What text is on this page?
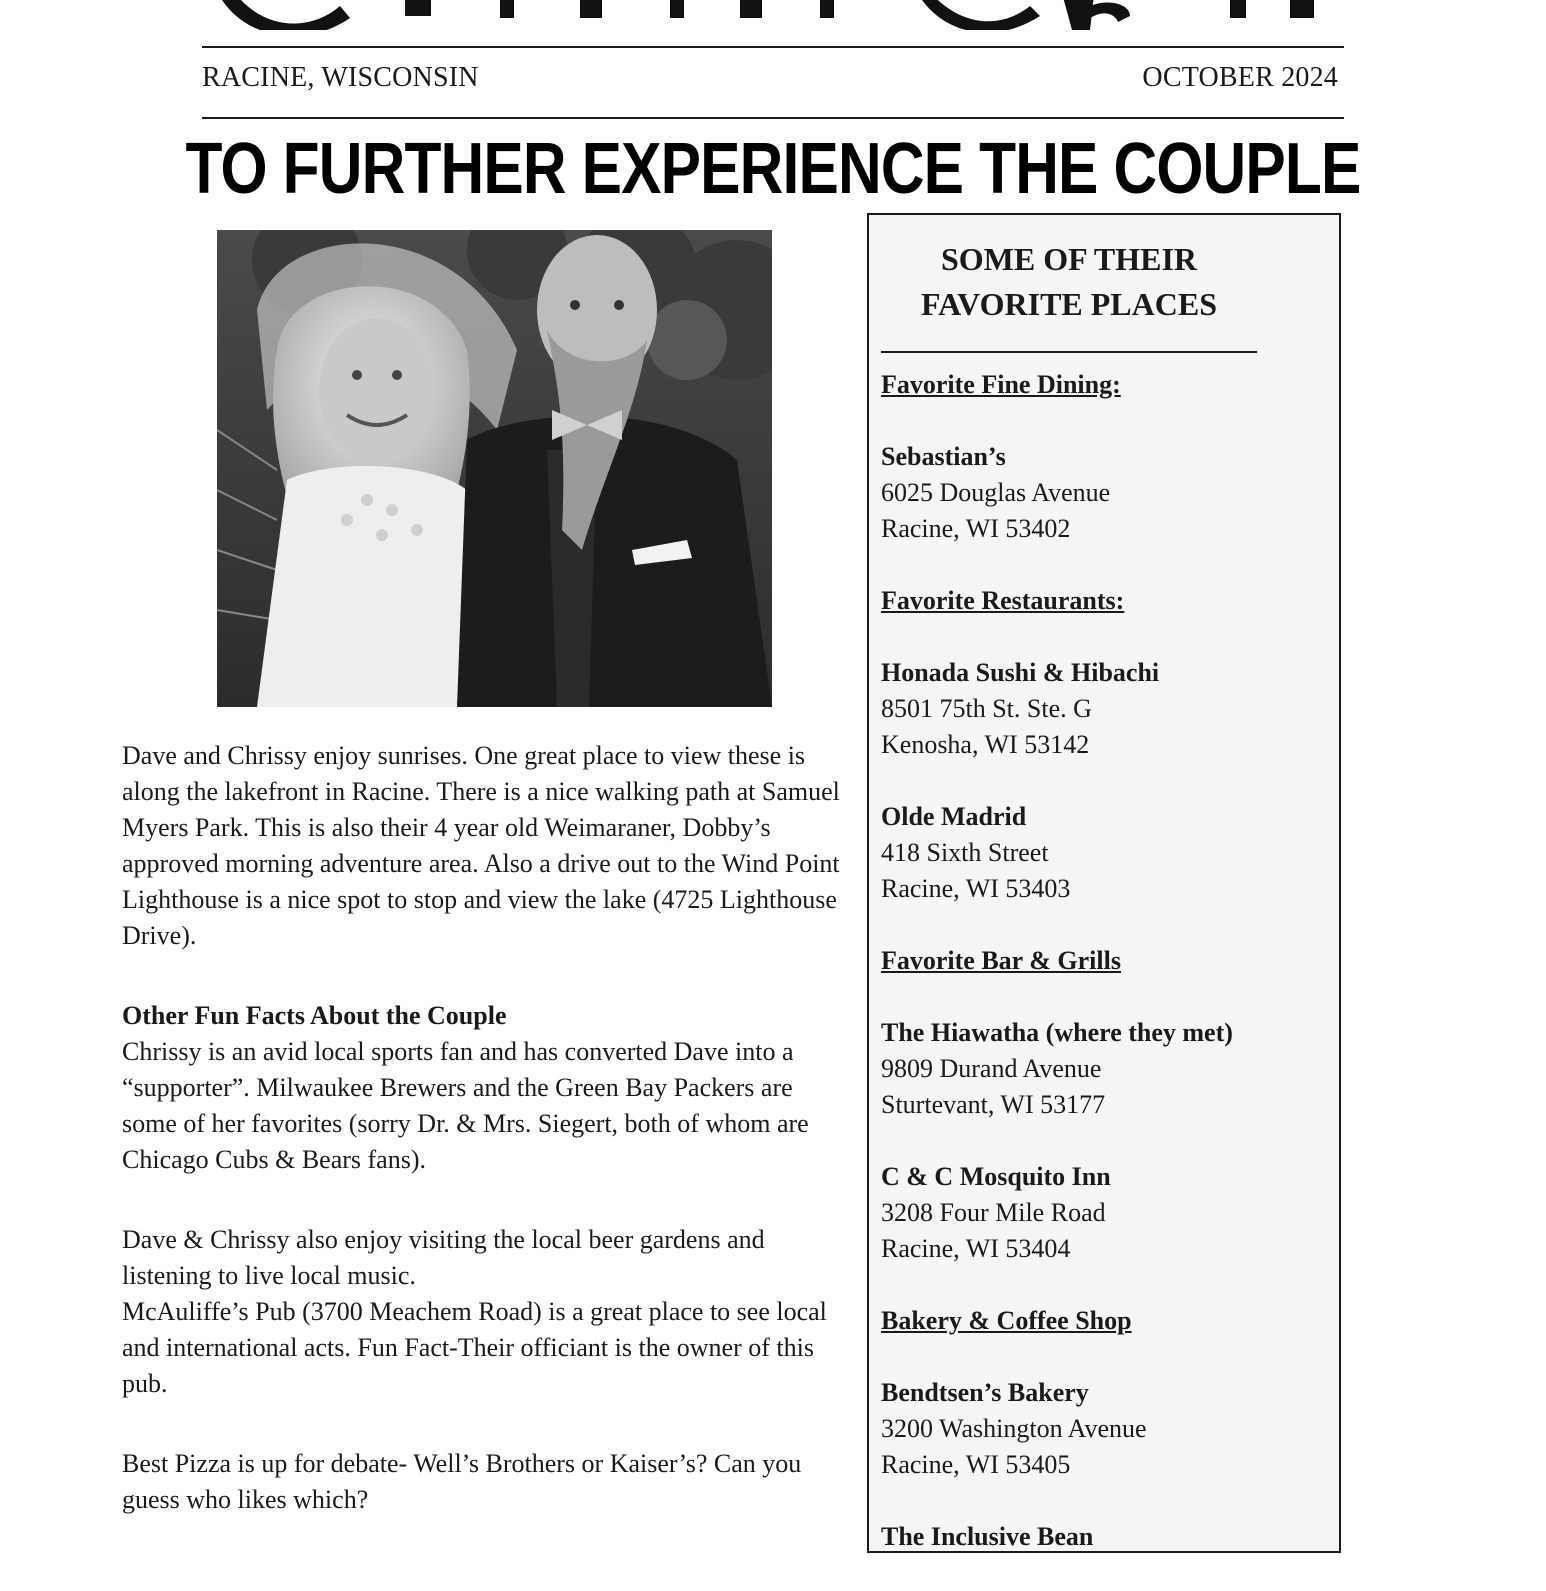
RACINE, WISCONSIN	OCTOBER 2024
TO FURTHER EXPERIENCE THE COUPLE

Dave and Chrissy enjoy sunrises. One great place to view these is along the lakefront in Racine. There is a nice walking path at Samuel Myers Park. This is also their 4 year old Weimaraner, Dobby’s approved morning adventure area. Also a drive out to the Wind Point Lighthouse is a nice spot to stop and view the lake (4725 Lighthouse Drive).

Other Fun Facts About the Couple
Chrissy is an avid local sports fan and has converted Dave into a “supporter”. Milwaukee Brewers and the Green Bay Packers are some of her favorites (sorry Dr. & Mrs. Siegert, both of whom are Chicago Cubs & Bears fans).

Dave & Chrissy also enjoy visiting the local beer gardens and listening to live local music.
McAuliffe’s Pub (3700 Meachem Road) is a great place to see local and international acts. Fun Fact-Their officiant is the owner of this pub.

Best Pizza is up for debate- Well’s Brothers or Kaiser’s? Can you guess who likes which?

SOME OF THEIR
FAVORITE PLACES
Favorite Fine Dining:
Sebastian’s
6025 Douglas Avenue
Racine, WI 53402
Favorite Restaurants:
Honada Sushi & Hibachi
8501 75th St. Ste. G
Kenosha, WI 53142
Olde Madrid
418 Sixth Street
Racine, WI 53403
Favorite Bar & Grills
The Hiawatha (where they met)
9809 Durand Avenue
Sturtevant, WI 53177
C & C Mosquito Inn
3208 Four Mile Road
Racine, WI 53404
Bakery & Coffee Shop
Bendtsen’s Bakery
3200 Washington Avenue
Racine, WI 53405
The Inclusive Bean
